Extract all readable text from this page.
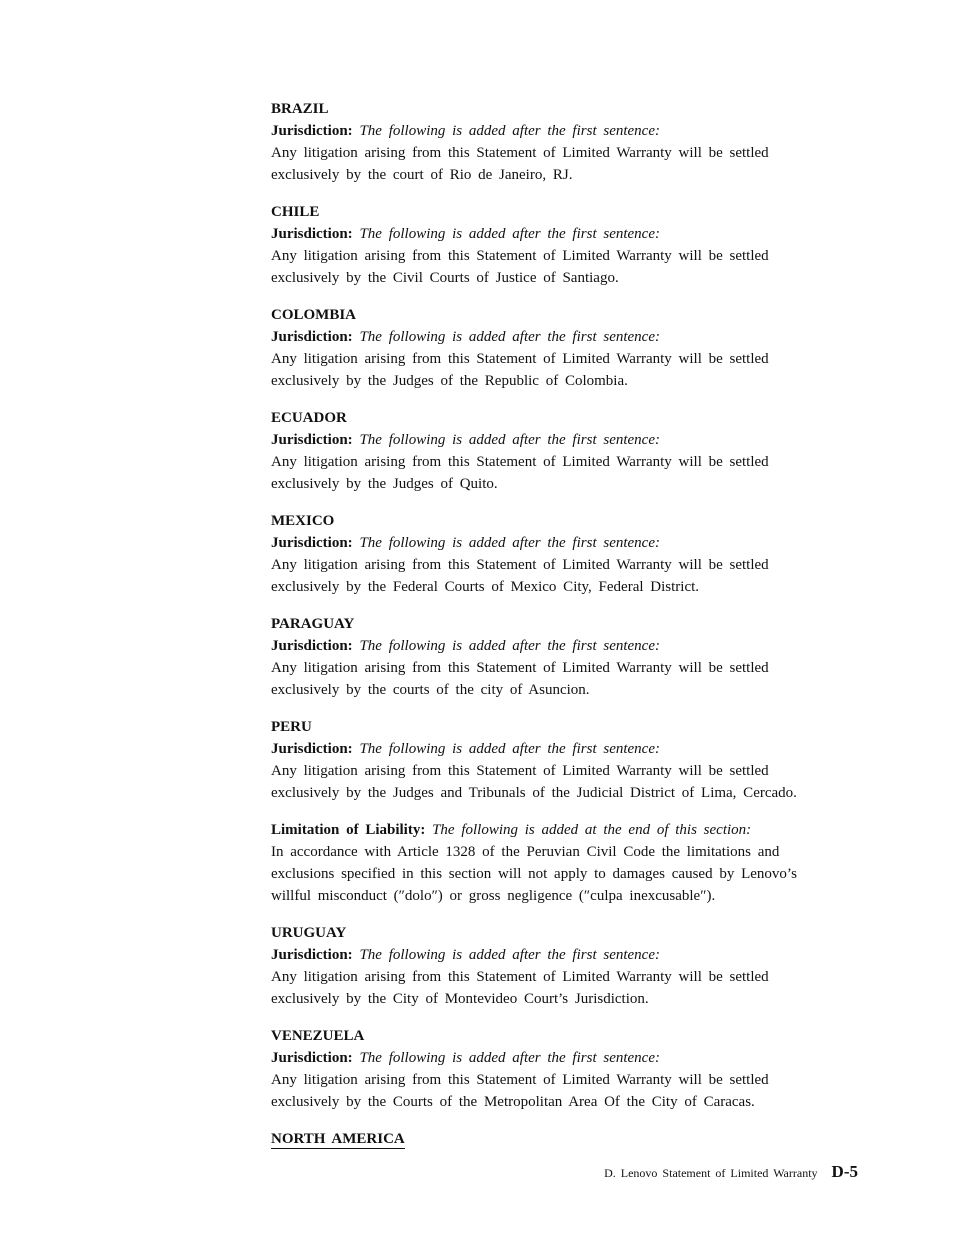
BRAZIL
Jurisdiction: The following is added after the first sentence:
Any litigation arising from this Statement of Limited Warranty will be settled exclusively by the court of Rio de Janeiro, RJ.
CHILE
Jurisdiction: The following is added after the first sentence:
Any litigation arising from this Statement of Limited Warranty will be settled exclusively by the Civil Courts of Justice of Santiago.
COLOMBIA
Jurisdiction: The following is added after the first sentence:
Any litigation arising from this Statement of Limited Warranty will be settled exclusively by the Judges of the Republic of Colombia.
ECUADOR
Jurisdiction: The following is added after the first sentence:
Any litigation arising from this Statement of Limited Warranty will be settled exclusively by the Judges of Quito.
MEXICO
Jurisdiction: The following is added after the first sentence:
Any litigation arising from this Statement of Limited Warranty will be settled exclusively by the Federal Courts of Mexico City, Federal District.
PARAGUAY
Jurisdiction: The following is added after the first sentence:
Any litigation arising from this Statement of Limited Warranty will be settled exclusively by the courts of the city of Asuncion.
PERU
Jurisdiction: The following is added after the first sentence:
Any litigation arising from this Statement of Limited Warranty will be settled exclusively by the Judges and Tribunals of the Judicial District of Lima, Cercado.
Limitation of Liability: The following is added at the end of this section:
In accordance with Article 1328 of the Peruvian Civil Code the limitations and exclusions specified in this section will not apply to damages caused by Lenovo’s willful misconduct (″dolo″) or gross negligence (″culpa inexcusable″).
URUGUAY
Jurisdiction: The following is added after the first sentence:
Any litigation arising from this Statement of Limited Warranty will be settled exclusively by the City of Montevideo Court’s Jurisdiction.
VENEZUELA
Jurisdiction: The following is added after the first sentence:
Any litigation arising from this Statement of Limited Warranty will be settled exclusively by the Courts of the Metropolitan Area Of the City of Caracas.
NORTH AMERICA
D. Lenovo Statement of Limited Warranty D-5
